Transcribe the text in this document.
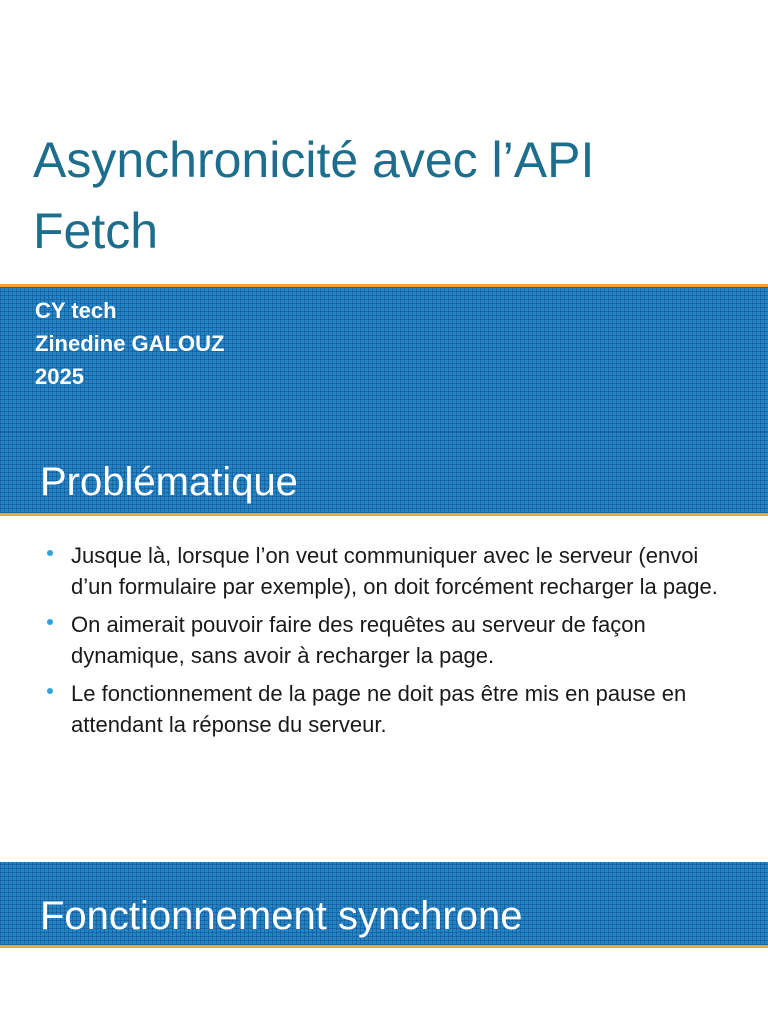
Asynchronicité avec l’API Fetch
CY tech
Zinedine GALOUZ
2025
Problématique
Jusque là, lorsque l’on veut communiquer avec le serveur (envoi d’un formulaire par exemple), on doit forcément recharger la page.
On aimerait pouvoir faire des requêtes au serveur de façon dynamique, sans avoir à recharger la page.
Le fonctionnement de la page ne doit pas être mis en pause en attendant la réponse du serveur.
Fonctionnement synchrone
